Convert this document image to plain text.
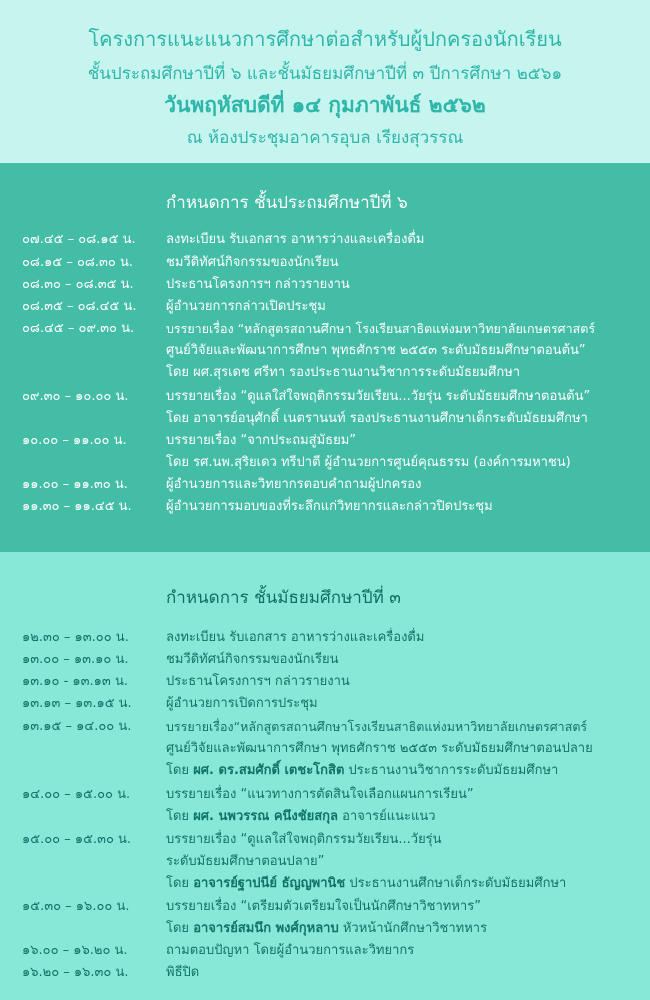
โครงการแนะแนวการศึกษาต่อสำหรับผู้ปกครองนักเรียน
ชั้นประถมศึกษาปีที่ ๖ และชั้นมัธยมศึกษาปีที่ ๓ ปีการศึกษา ๒๕๖๑
วันพฤหัสบดีที่ ๑๔ กุมภาพันธ์ ๒๕๖๒
ณ ห้องประชุมอาคารอุบล เรียงสุวรรณ
กำหนดการ ชั้นประถมศึกษาปีที่ ๖
๐๗.๔๕ – ๐๘.๑๕ น. ลงทะเบียน รับเอกสาร อาหารว่างและเครื่องดื่ม
๐๘.๑๕ – ๐๘.๓๐ น.	ชมวีดิทัศน์กิจกรรมของนักเรียน
๐๘.๓๐ – ๐๘.๓๕ น. ประธานโครงการฯ กล่าวรายงาน
๐๘.๓๕ – ๐๘.๔๕ น. ผู้อำนวยการกล่าวเปิดประชุม
๐๘.๔๕ – ๐๙.๓๐ น.	บรรยายเรื่อง “หลักสูตรสถานศึกษา โรงเรียนสาธิตแห่งมหาวิทยาลัยเกษตรศาสตร์
ศูนย์วิจัยและพัฒนาการศึกษา พุทธศักราช ๒๕๕๓ ระดับมัธยมศึกษาตอนต้น”
โดย ผศ.สุรเดช ศรีทา รองประธานงานวิชาการระดับมัธยมศึกษา
๐๙.๓๐ – ๑๐.๐๐ น.	บรรยายเรื่อง “ดูแลใส่ใจพฤติกรรมวัยเรียน...วัยรุ่น ระดับมัธยมศึกษาตอนต้น”
โดย อาจารย์อนุศักดิ์ เนตรานนท์ รองประธานงานศึกษาเด็กระดับมัธยมศึกษา
๑๐.๐๐ – ๑๑.๐๐ น.	บรรยายเรื่อง “จากประถมสู่มัธยม”
โดย รศ.นพ.สุริยเดว ทรีปาตี ผู้อำนวยการศูนย์คุณธรรม (องค์การมหาชน)
๑๑.๐๐ – ๑๑.๓๐ น.	ผู้อำนวยการและวิทยากรตอบคำถามผู้ปกครอง
๑๑.๓๐ – ๑๑.๔๕ น.	ผู้อำนวยการมอบของที่ระลึกแก่วิทยากรและกล่าวปิดประชุม
กำหนดการ ชั้นมัธยมศึกษาปีที่ ๓
๑๒.๓๐ – ๑๓.๐๐ น.	ลงทะเบียน รับเอกสาร อาหารว่างและเครื่องดื่ม
๑๓.๐๐ – ๑๓.๑๐ น.	ชมวีดิทัศน์กิจกรรมของนักเรียน
๑๓.๑๐ - ๑๓.๑๓ น.	ประธานโครงการฯ กล่าวรายงาน
๑๓.๑๓ – ๑๓.๑๕ น.	ผู้อำนวยการเปิดการประชุม
๑๓.๑๕ – ๑๔.๐๐ น.	บรรยายเรื่อง“หลักสูตรสถานศึกษาโรงเรียนสาธิตแห่งมหาวิทยาลัยเกษตรศาสตร์
ศูนย์วิจัยและพัฒนาการศึกษา พุทธศักราช ๒๕๕๓ ระดับมัธยมศึกษาตอนปลาย
โดย ผศ. ดร.สมศักดิ์ เตชะโกสิต ประธานงานวิชาการระดับมัธยมศึกษา
๑๔.๐๐ – ๑๕.๐๐ น.	บรรยายเรื่อง “แนวทางการตัดสินใจเลือกแผนการเรียน”
โดย ผศ. นพวรรณ คนึงชัยสกุล อาจารย์แนะแนว
๑๕.๐๐ – ๑๕.๓๐ น.	บรรยายเรื่อง “ดูแลใส่ใจพฤติกรรมวัยเรียน...วัยรุ่น
ระดับมัธยมศึกษาตอนปลาย”
โดย อาจารย์ฐาปนีย์ ธัญญพานิช ประธานงานศึกษาเด็กระดับมัธยมศึกษา
๑๕.๓๐ – ๑๖.๐๐ น.	บรรยายเรื่อง “เตรียมตัวเตรียมใจเป็นนักศึกษาวิชาทหาร”
โดย อาจารย์สมนึก พงศ์กุหลาบ หัวหน้านักศึกษาวิชาทหาร
๑๖.๐๐ – ๑๖.๒๐ น.	ถามตอบปัญหา โดยผู้อำนวยการและวิทยากร
๑๖.๒๐ – ๑๖.๓๐ น.	พิธีปิด
